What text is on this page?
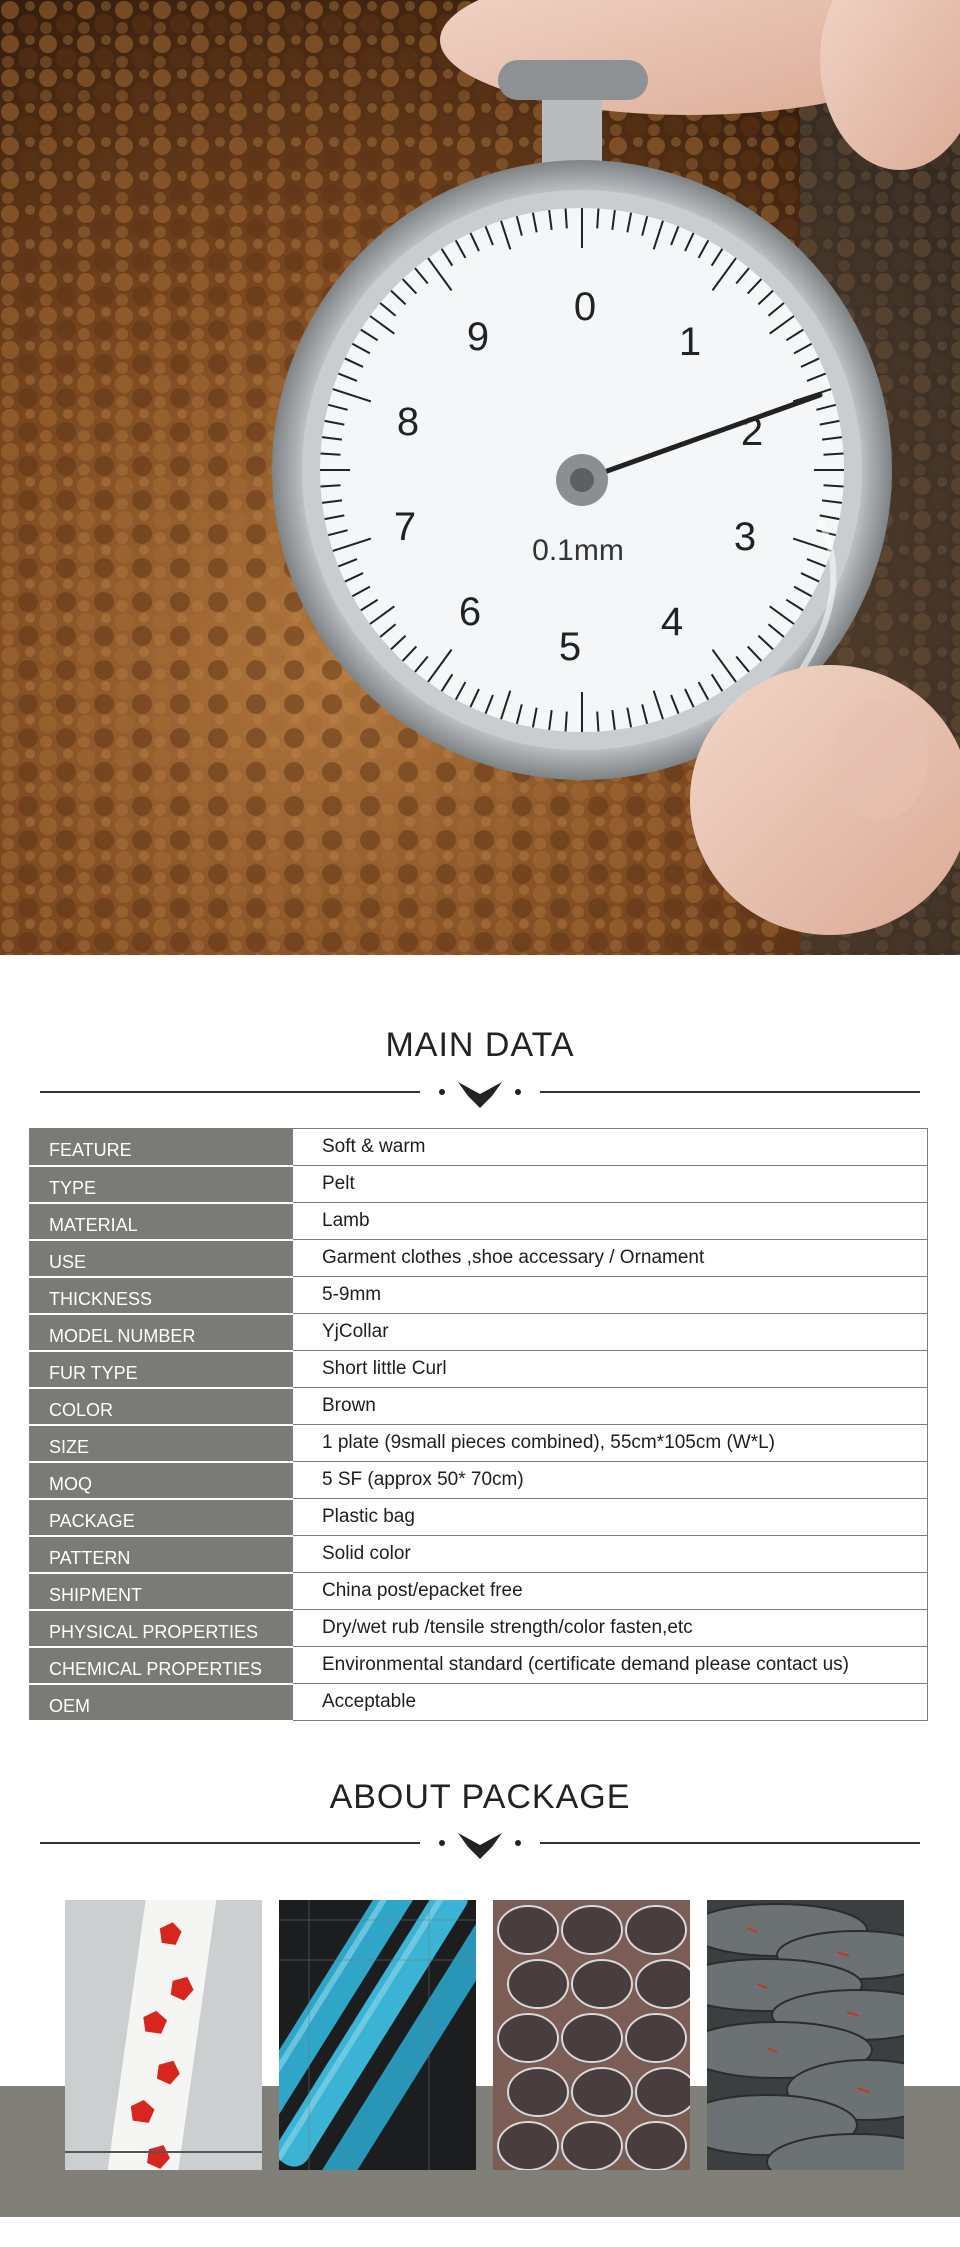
0
1
2
3
4
5
6
7
8
9
0.1mm
MAIN DATA
FEATURE	Soft & warm
TYPE	Pelt
MATERIAL	Lamb
USE	Garment clothes ,shoe accessary / Ornament
THICKNESS	5-9mm
MODEL NUMBER	YjCollar
FUR TYPE	Short little Curl
COLOR	Brown
SIZE	1 plate (9small pieces combined), 55cm*105cm (W*L)
MOQ	5 SF (approx 50* 70cm)
PACKAGE	Plastic bag
PATTERN	Solid color
SHIPMENT	China post/epacket free
PHYSICAL PROPERTIES	Dry/wet rub /tensile strength/color fasten,etc
CHEMICAL PROPERTIES	Environmental standard (certificate demand please contact us)
OEM	Acceptable
ABOUT PACKAGE
